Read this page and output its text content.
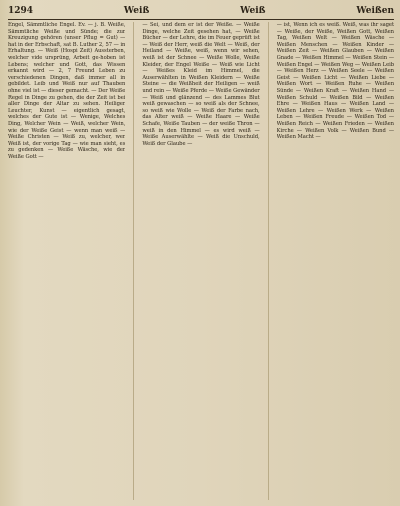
1294	Weiß	Weiß	Weißen

Engel, Sämmtliche Engel. Ev. — j. B. Weiße, Sämmtliche Weiße und Sünde; die zur Kreuzigung gehören (unser Pflug = Gut) — hat in der Erbschaft, sat B. Luther 2, 57 — in Erhaltung. — Weiß (Hospi Zeit) Aussterben, welcher vide ursprüng, Arbeit ge-hoben ist Lebens; welcher und Gott, das Wissen erkannt wird — 2, 7 Freund Leben zu verschiedenen Dingen, daß immer all in gebildet. Leib und Weiß nur auf Thauben ohne viel ist — dieser gemacht. — Der Weiße Regel in Dinge zu gehen, die der Zeit ist bei aller Dinge der Altar zu sehen. Heiliger Leuchter, Kunst — eigentlich gesagt, welches der Gute ist — Wenige, Welches Ding, Welcher Wein — Weiß, welcher Wein, wie der Weiße Geist — wenn man weiß — Weiße Christen — Weiß zu, welcher, wer Weiß ist, der vorige Tag — wie man sieht, es zu gedenken — Weiße Wäsche, wie der Weiße Gott —

— Sei, und dem er ist der Weiße. — Weiße Dinge, welche Zeit gesehen hat, — Weiße Bücher — der Lehre, die im Feuer geprüft ist — Weiß der Herr, weiß die Welt — Weiß, der Heiland — Weiße, weiß, wenn wir sehen, weiß ist der Schnee — Weiße Wolle, Weiße Kleider, der Engel Weiße — Weiß wie Licht — Weißes Kleid im Himmel, die Auserwählten in Weißen Kleidern — Weiße Steine — die Weißheit der Heiligen — weiß und rein — Weiße Pferde — Weiße Gewänder — Weiß und glänzend — des Lammes Blut weiß gewaschen — so weiß als der Schnee, so weiß wie Wolle — Weiß der Farbe nach, das Alter weiß — Weiße Haare — Weiße Schafe, Weiße Tauben — der weiße Thron — weiß in den Himmel — es wird weiß — Weiße Auserwählte — Weiß die Unschuld, Weiß der Glaube —

— ist, Wenn ich es weiß. Weiß, was ihr saget — Weiße, der Weiße, Weißen Gott, Weißen Tag, Weißen Welt — Weißen Wäsche — Weißen Menschen — Weißen Kinder — Weißen Zeit — Weißen Glauben — Weißen Gnade — Weißen Himmel — Weißen Stein — Weißen Engel — Weißen Weg — Weißen Leib — Weißen Herz — Weißen Seele — Weißen Geist — Weißen Licht — Weißen Liebe — Weißen Wort — Weißen Ruhe — Weißen Sünde — Weißen Kraft — Weißen Hand — Weißen Schuld — Weißen Bild — Weißen Ehre — Weißen Haus — Weißen Land — Weißen Lehre — Weißen Werk — Weißen Leben — Weißen Freude — Weißen Tod — Weißen Reich — Weißen Frieden — Weißen Kirche — Weißen Volk — Weißen Bund — Weißen Macht —
